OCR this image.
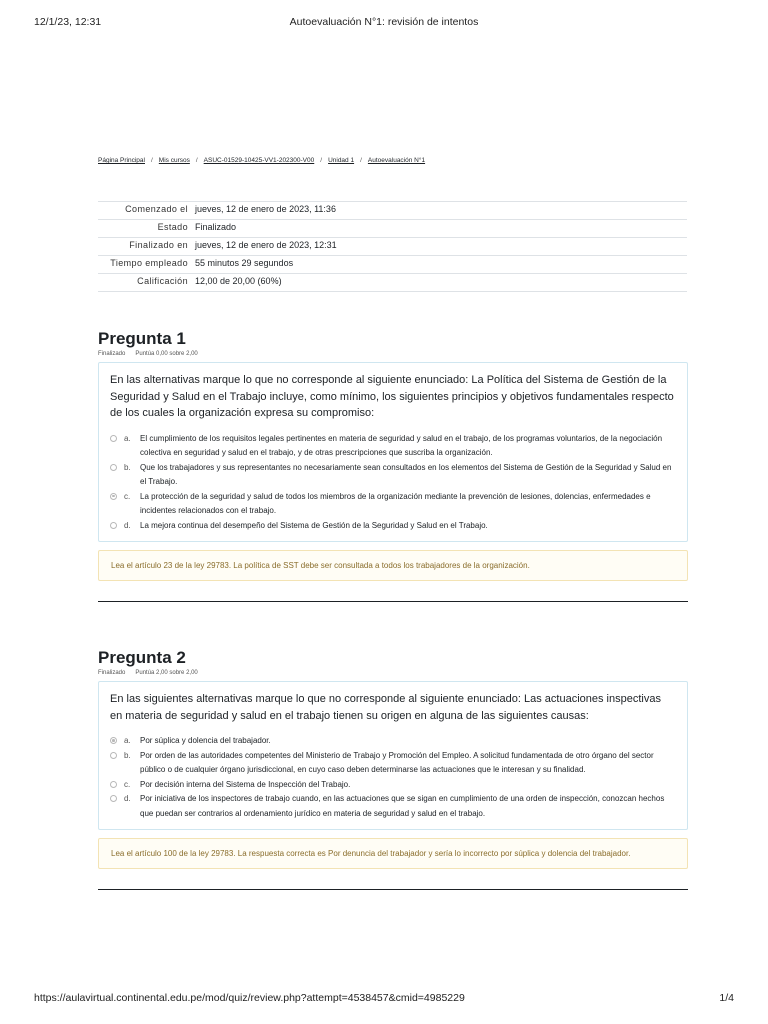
12/1/23, 12:31	Autoevaluación N°1: revisión de intentos
Página Principal / Mis cursos / ASUC-01529-10425-VV1-202300-V00 / Unidad 1 / Autoevaluación N°1
Comenzado el	jueves, 12 de enero de 2023, 11:36
Estado	Finalizado
Finalizado en	jueves, 12 de enero de 2023, 12:31
Tiempo empleado	55 minutos 29 segundos
Calificación	12,00 de 20,00 (60%)
Pregunta 1
Finalizado Puntúa 0,00 sobre 2,00
En las alternativas marque lo que no corresponde al siguiente enunciado: La Política del Sistema de Gestión de la Seguridad y Salud en el Trabajo incluye, como mínimo, los siguientes principios y objetivos fundamentales respecto de los cuales la organización expresa su compromiso:
a.	El cumplimiento de los requisitos legales pertinentes en materia de seguridad y salud en el trabajo, de los programas voluntarios, de la negociación colectiva en seguridad y salud en el trabajo, y de otras prescripciones que suscriba la organización.
b.	Que los trabajadores y sus representantes no necesariamente sean consultados en los elementos del Sistema de Gestión de la Seguridad y Salud en el Trabajo.
c.	La protección de la seguridad y salud de todos los miembros de la organización mediante la prevención de lesiones, dolencias, enfermedades e incidentes relacionados con el trabajo.
d.	La mejora continua del desempeño del Sistema de Gestión de la Seguridad y Salud en el Trabajo.
Lea el artículo 23 de la ley 29783. La política de SST debe ser consultada a todos los trabajadores de la organización.
Pregunta 2
Finalizado Puntúa 2,00 sobre 2,00
En las siguientes alternativas marque lo que no corresponde al siguiente enunciado: Las actuaciones inspectivas en materia de seguridad y salud en el trabajo tienen su origen en alguna de las siguientes causas:
a.	Por súplica y dolencia del trabajador.
b.	Por orden de las autoridades competentes del Ministerio de Trabajo y Promoción del Empleo. A solicitud fundamentada de otro órgano del sector público o de cualquier órgano jurisdiccional, en cuyo caso deben determinarse las actuaciones que le interesan y su finalidad.
c.	Por decisión interna del Sistema de Inspección del Trabajo.
d.	Por iniciativa de los inspectores de trabajo cuando, en las actuaciones que se sigan en cumplimiento de una orden de inspección, conozcan hechos que puedan ser contrarios al ordenamiento jurídico en materia de seguridad y salud en el trabajo.
Lea el artículo 100 de la ley 29783. La respuesta correcta es Por denuncia del trabajador y sería lo incorrecto por súplica y dolencia del trabajador.
https://aulavirtual.continental.edu.pe/mod/quiz/review.php?attempt=4538457&cmid=4985229	1/4
